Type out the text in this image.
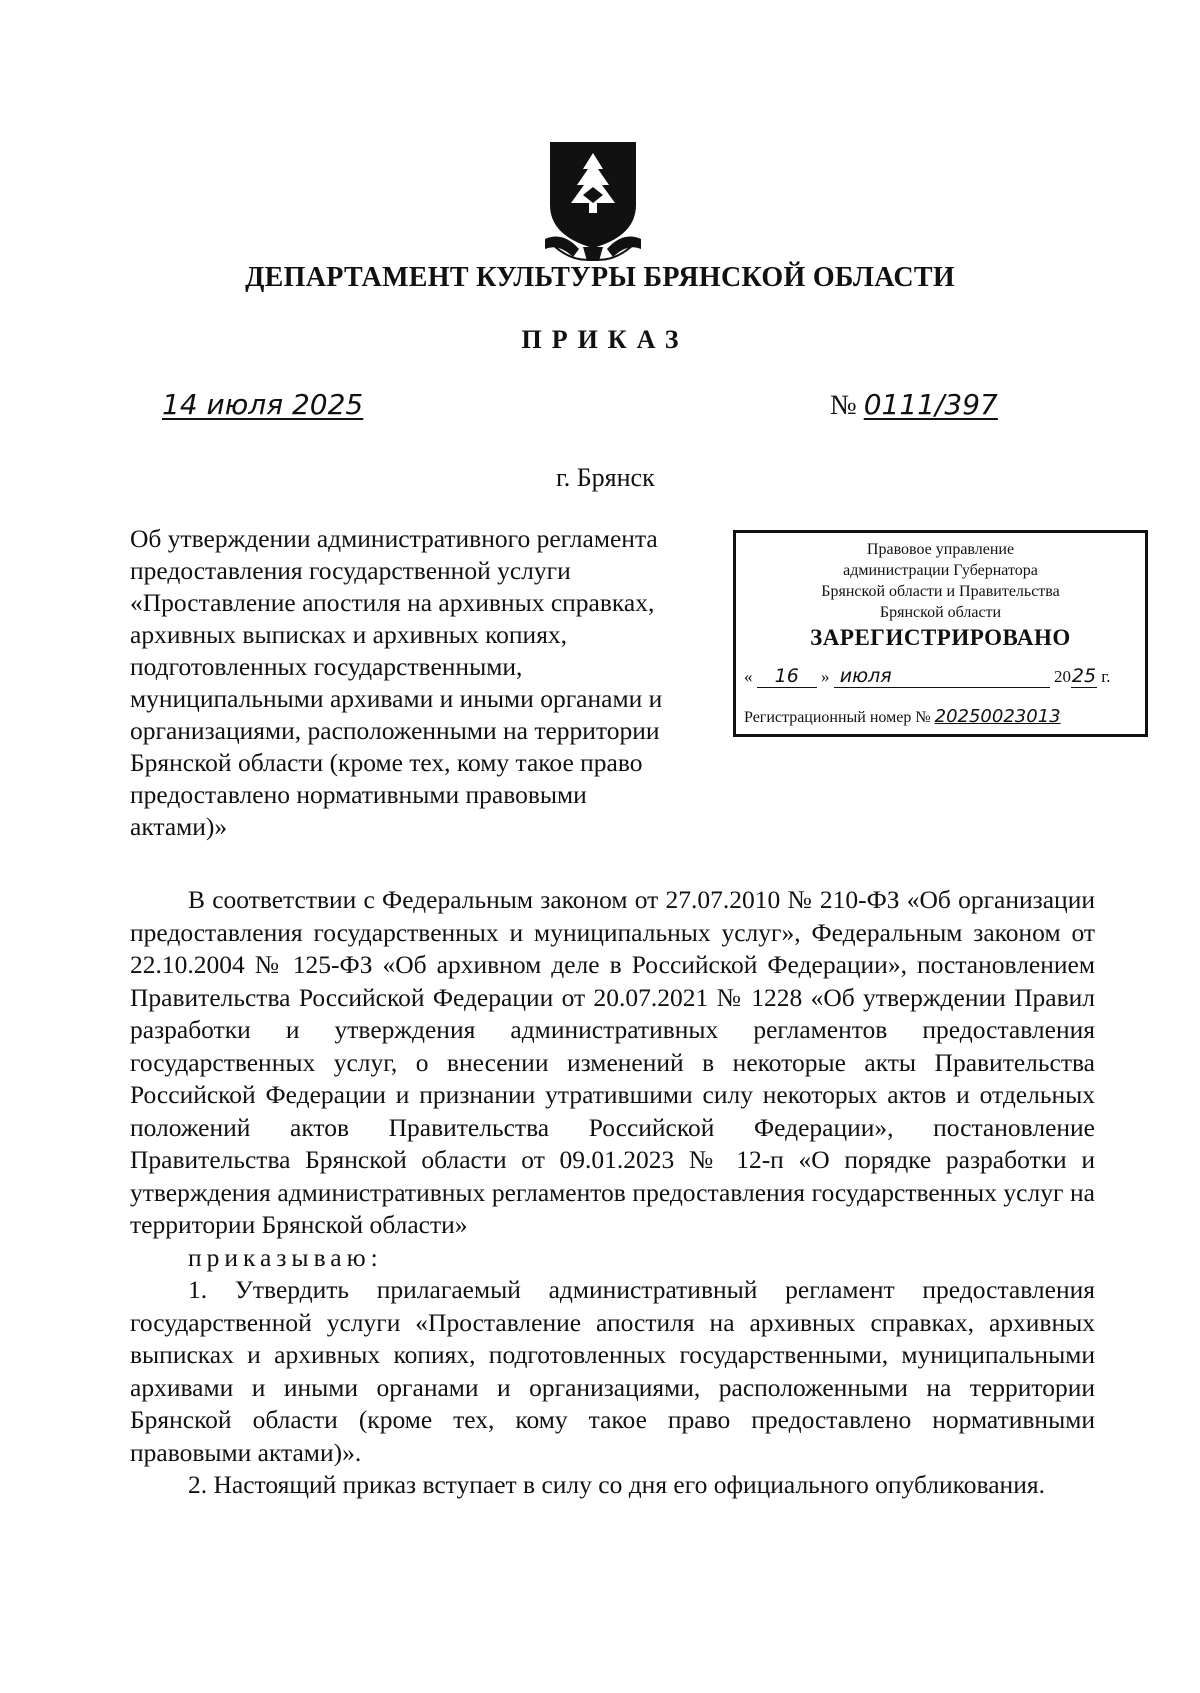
ДЕПАРТАМЕНТ КУЛЬТУРЫ БРЯНСКОЙ ОБЛАСТИ
ПРИКАЗ
14 июля 2025	№ 0111/397
г. Брянск
Об утверждении административного регламента предоставления государственной услуги «Проставление апостиля на архивных справках, архивных выписках и архивных копиях, подготовленных государственными, муниципальными архивами и иными органами и организациями, расположенными на территории Брянской области (кроме тех, кому такое право предоставлено нормативными правовыми актами)»
Правовое управление
администрации Губернатора
Брянской области и Правительства
Брянской области
ЗАРЕГИСТРИРОВАНО
« 16 » июля	2025 г.
Регистрационный номер № 20250023013

В соответствии с Федеральным законом от 27.07.2010 № 210-ФЗ «Об организации предоставления государственных и муниципальных услуг», Федеральным законом от 22.10.2004 № 125-ФЗ «Об архивном деле в Российской Федерации», постановлением Правительства Российской Федерации от 20.07.2021 № 1228 «Об утверждении Правил разработки и утверждения административных регламентов предоставления государственных услуг, о внесении изменений в некоторые акты Правительства Российской Федерации и признании утратившими силу некоторых актов и отдельных положений актов Правительства Российской Федерации», постановление Правительства Брянской области от 09.01.2023 № 12-п «О порядке разработки и утверждения административных регламентов предоставления государственных услуг на территории Брянской области»

приказываю:

1. Утвердить прилагаемый административный регламент предоставления государственной услуги «Проставление апостиля на архивных справках, архивных выписках и архивных копиях, подготовленных государственными, муниципальными архивами и иными органами и организациями, расположенными на территории Брянской области (кроме тех, кому такое право предоставлено нормативными правовыми актами)».

2. Настоящий приказ вступает в силу со дня его официального опубликования.
